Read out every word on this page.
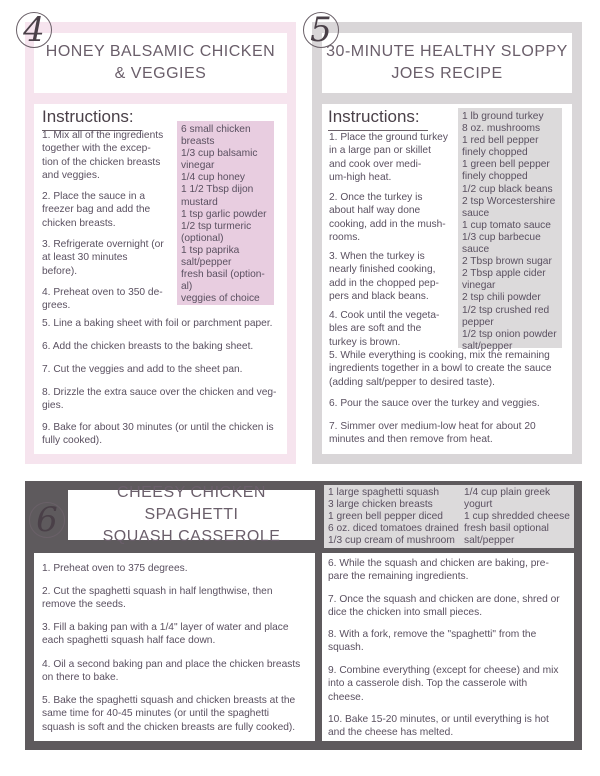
HONEY BALSAMIC CHICKEN
& VEGGIES
Instructions:

6 small chicken

breasts

1/3 cup balsamic

vinegar

1/4 cup honey

1 1/2 Tbsp dijon

mustard

1 tsp garlic powder

1/2 tsp turmeric

(optional)

1 tsp paprika

salt/pepper

fresh basil (option-

al)

veggies of choice

1. Mix all of the ingredients
together with the excep-
tion of the chicken breasts
and veggies.
2. Place the sauce in a
freezer bag and add the
chicken breasts.
3. Refrigerate overnight (or
at least 30 minutes
before).
4. Preheat oven to 350 de-
grees.
5. Line a baking sheet with foil or parchment paper.
6. Add the chicken breasts to the baking sheet.
7. Cut the veggies and add to the sheet pan.
8. Drizzle the extra sauce over the chicken and veg-
gies.
9. Bake for about 30 minutes (or until the chicken is
fully cooked).
4
30-MINUTE HEALTHY SLOPPY
JOES RECIPE
Instructions:	1 lb ground turkey

8 oz. mushrooms

1 red bell pepper

finely chopped

1 green bell pepper

finely chopped

1/2 cup black beans

2 tsp Worcestershire

sauce

1 cup tomato sauce

1/3 cup barbecue

sauce

2 Tbsp brown sugar

2 Tbsp apple cider

vinegar

2 tsp chili powder

1/2 tsp crushed red

pepper

1/2 tsp onion powder

salt/pepper

1. Place the ground turkey
in a large pan or skillet
and cook over medi-
um-high heat.
2. Once the turkey is
about half way done
cooking, add in the mush-
rooms.
3. When the turkey is
nearly finished cooking,
add in the chopped pep-
pers and black beans.
4. Cook until the vegeta-
bles are soft and the
turkey is brown.
5. While everything is cooking, mix the remaining
ingredients together in a bowl to create the sauce
(adding salt/pepper to desired taste).
6. Pour the sauce over the turkey and veggies.
7. Simmer over medium-low heat for about 20
minutes and then remove from heat.
5
CHEESY CHICKEN SPAGHETTI
SQUASH CASSEROLE

1 large spaghetti squash

3 large chicken breasts

1 green bell pepper diced

6 oz. diced tomatoes drained

1/3 cup cream of mushroom

1/4 cup plain greek

yogurt

1 cup shredded cheese

fresh basil optional

salt/pepper

1. Preheat oven to 375 degrees.
2. Cut the spaghetti squash in half lengthwise, then
remove the seeds.
3. Fill a baking pan with a 1/4" layer of water and place
each spaghetti squash half face down.
4. Oil a second baking pan and place the chicken breasts
on there to bake.
5. Bake the spaghetti squash and chicken breasts at the
same time for 40-45 minutes (or until the spaghetti
squash is soft and the chicken breasts are fully cooked).
6. While the squash and chicken are baking, pre-
pare the remaining ingredients.
7. Once the squash and chicken are done, shred or
dice the chicken into small pieces.
8. With a fork, remove the "spaghetti" from the
squash.
9. Combine everything (except for cheese) and mix
into a casserole dish. Top the casserole with
cheese.
10. Bake 15-20 minutes, or until everything is hot
and the cheese has melted.
6
